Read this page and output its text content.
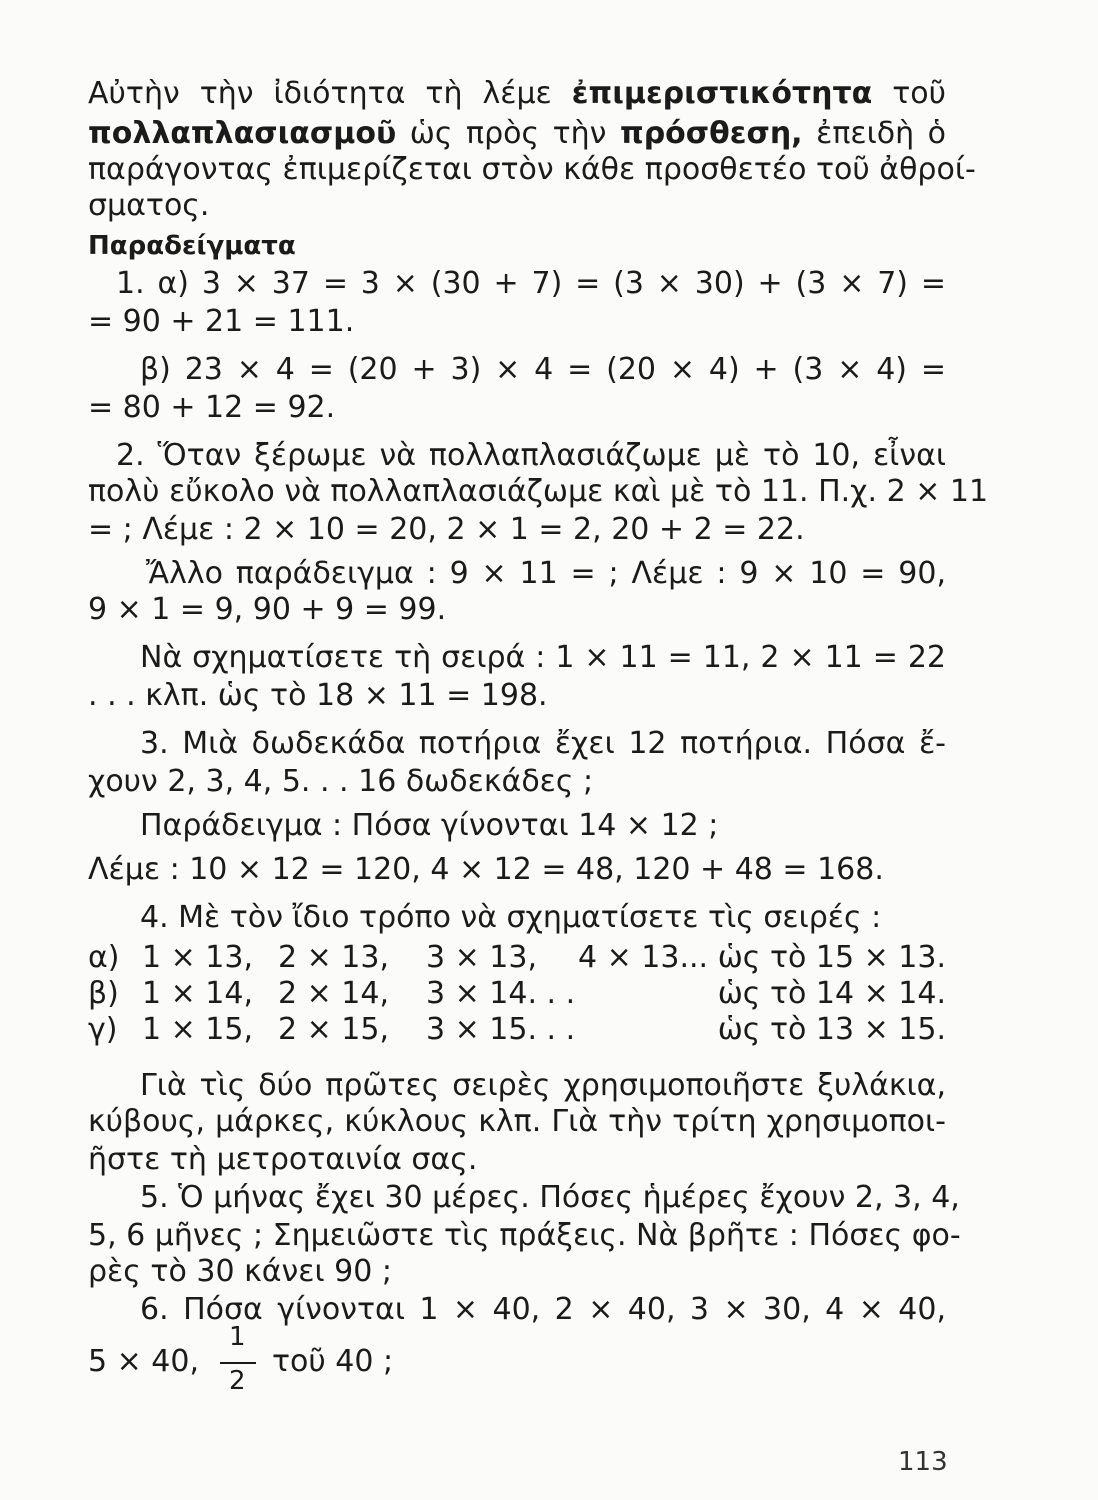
Αὐτὴν τὴν ἰδιότητα τὴ λέμε ἐπιμεριστικότητα τοῦ
πολλαπλασιασμοῦ ὡς πρὸς τὴν πρόσθεση, ἐπειδὴ ὁ
παράγοντας ἐπιμερίζεται στὸν κάθε προσθετέο τοῦ ἀθροί-
σματος.
Παραδείγματα
1. α) 3 × 37 = 3 × (30 + 7) = (3 × 30) + (3 × 7) =
= 90 + 21 = 111.
β) 23 × 4 = (20 + 3) × 4 = (20 × 4) + (3 × 4) =
= 80 + 12 = 92.
2. Ὅταν ξέρωμε νὰ πολλαπλασιάζωμε μὲ τὸ 10, εἶναι
πολὺ εὔκολο νὰ πολλαπλασιάζωμε καὶ μὲ τὸ 11. Π.χ. 2 × 11
= ; Λέμε : 2 × 10 = 20, 2 × 1 = 2, 20 + 2 = 22.
Ἄλλο παράδειγμα : 9 × 11 = ; Λέμε : 9 × 10 = 90,
9 × 1 = 9, 90 + 9 = 99.
Νὰ σχηματίσετε τὴ σειρά : 1 × 11 = 11, 2 × 11 = 22
. . . κλπ. ὡς τὸ 18 × 11 = 198.
3. Μιὰ δωδεκάδα ποτήρια ἔχει 12 ποτήρια. Πόσα ἔ-
χουν 2, 3, 4, 5. . . 16 δωδεκάδες ;
Παράδειγμα : Πόσα γίνονται 14 × 12 ;
Λέμε : 10 × 12 = 120, 4 × 12 = 48, 120 + 48 = 168.
4. Μὲ τὸν ἴδιο τρόπο νὰ σχηματίσετε τὶς σειρές :
α) 1 × 13, 2 × 13, 3 × 13, 4 × 13... ὡς τὸ 15 × 13.
β) 1 × 14, 2 × 14, 3 × 14. . .	ὡς τὸ 14 × 14.
γ) 1 × 15, 2 × 15, 3 × 15. . .	ὡς τὸ 13 × 15.
Γιὰ τὶς δύο πρῶτες σειρὲς χρησιμοποιῆστε ξυλάκια,
κύβους, μάρκες, κύκλους κλπ. Γιὰ τὴν τρίτη χρησιμοποι-
ῆστε τὴ μετροταινία σας.
5. Ὁ μήνας ἔχει 30 μέρες. Πόσες ἡμέρες ἔχουν 2, 3, 4,
5, 6 μῆνες ; Σημειῶστε τὶς πράξεις. Νὰ βρῆτε : Πόσες φο-
ρὲς τὸ 30 κάνει 90 ;
6. Πόσα γίνονται 1 × 40, 2 × 40, 3 × 30, 4 × 40,
5 × 40,
1
2
τοῦ 40 ;
113
